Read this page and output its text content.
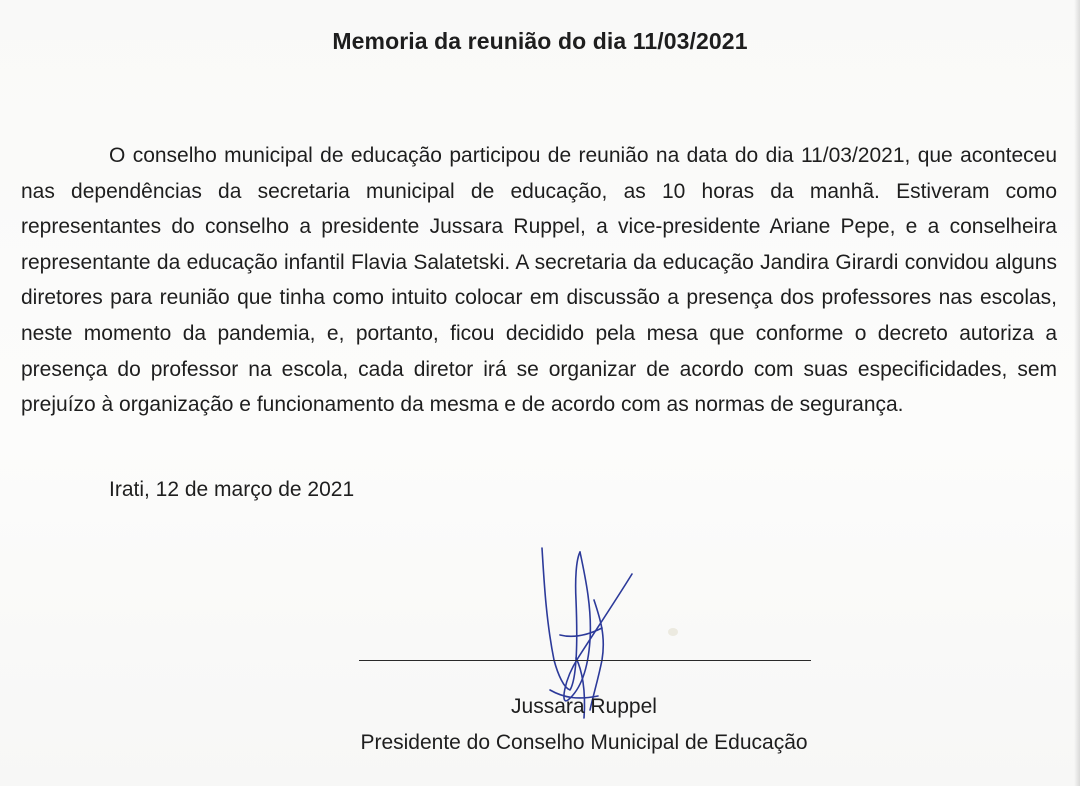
Memoria da reunião do dia 11/03/2021

O conselho municipal de educação participou de reunião na data do dia 11/03/2021, que aconteceu nas dependências da secretaria municipal de educação, as 10 horas da manhã. Estiveram como representantes do conselho a presidente Jussara Ruppel, a vice-presidente Ariane Pepe, e a conselheira representante da educação infantil Flavia Salatetski. A secretaria da educação Jandira Girardi convidou alguns diretores para reunião que tinha como intuito colocar em discussão a presença dos professores nas escolas, neste momento da pandemia, e, portanto, ficou decidido pela mesa que conforme o decreto autoriza a presença do professor na escola, cada diretor irá se organizar de acordo com suas especificidades, sem prejuízo à organização e funcionamento da mesma e de acordo com as normas de segurança.

Irati, 12 de março de 2021
Jussara Ruppel
Presidente do Conselho Municipal de Educação
